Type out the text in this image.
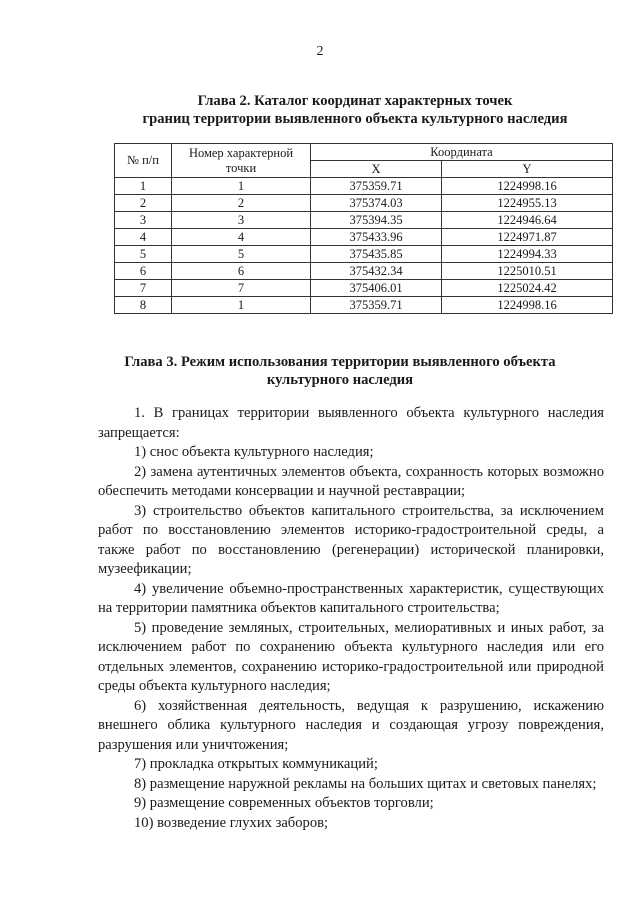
2
Глава 2. Каталог координат характерных точек
границ территории выявленного объекта культурного наследия
№ п/п	Номер характерной точки	Координата	
		X	Y
1	1	375359.71	1224998.16
2	2	375374.03	1224955.13
3	3	375394.35	1224946.64
4	4	375433.96	1224971.87
5	5	375435.85	1224994.33
6	6	375432.34	1225010.51
7	7	375406.01	1225024.42
8	1	375359.71	1224998.16
Глава 3. Режим использования территории выявленного объекта
культурного наследия

1. В границах территории выявленного объекта культурного наследия запрещается:

1) снос объекта культурного наследия;

2) замена аутентичных элементов объекта, сохранность которых возможно обеспечить методами консервации и научной реставрации;

3) строительство объектов капитального строительства, за исключением работ по восстановлению элементов историко-градостроительной среды, а также работ по восстановлению (регенерации) исторической планировки, музеефикации;

4) увеличение объемно-пространственных характеристик, существующих на территории памятника объектов капитального строительства;

5) проведение земляных, строительных, мелиоративных и иных работ, за исключением работ по сохранению объекта культурного наследия или его отдельных элементов, сохранению историко-градостроительной или природной среды объекта культурного наследия;

6) хозяйственная деятельность, ведущая к разрушению, искажению внешнего облика культурного наследия и создающая угрозу повреждения, разрушения или уничтожения;

7) прокладка открытых коммуникаций;

8) размещение наружной рекламы на больших щитах и световых панелях;

9) размещение современных объектов торговли;

10) возведение глухих заборов;
